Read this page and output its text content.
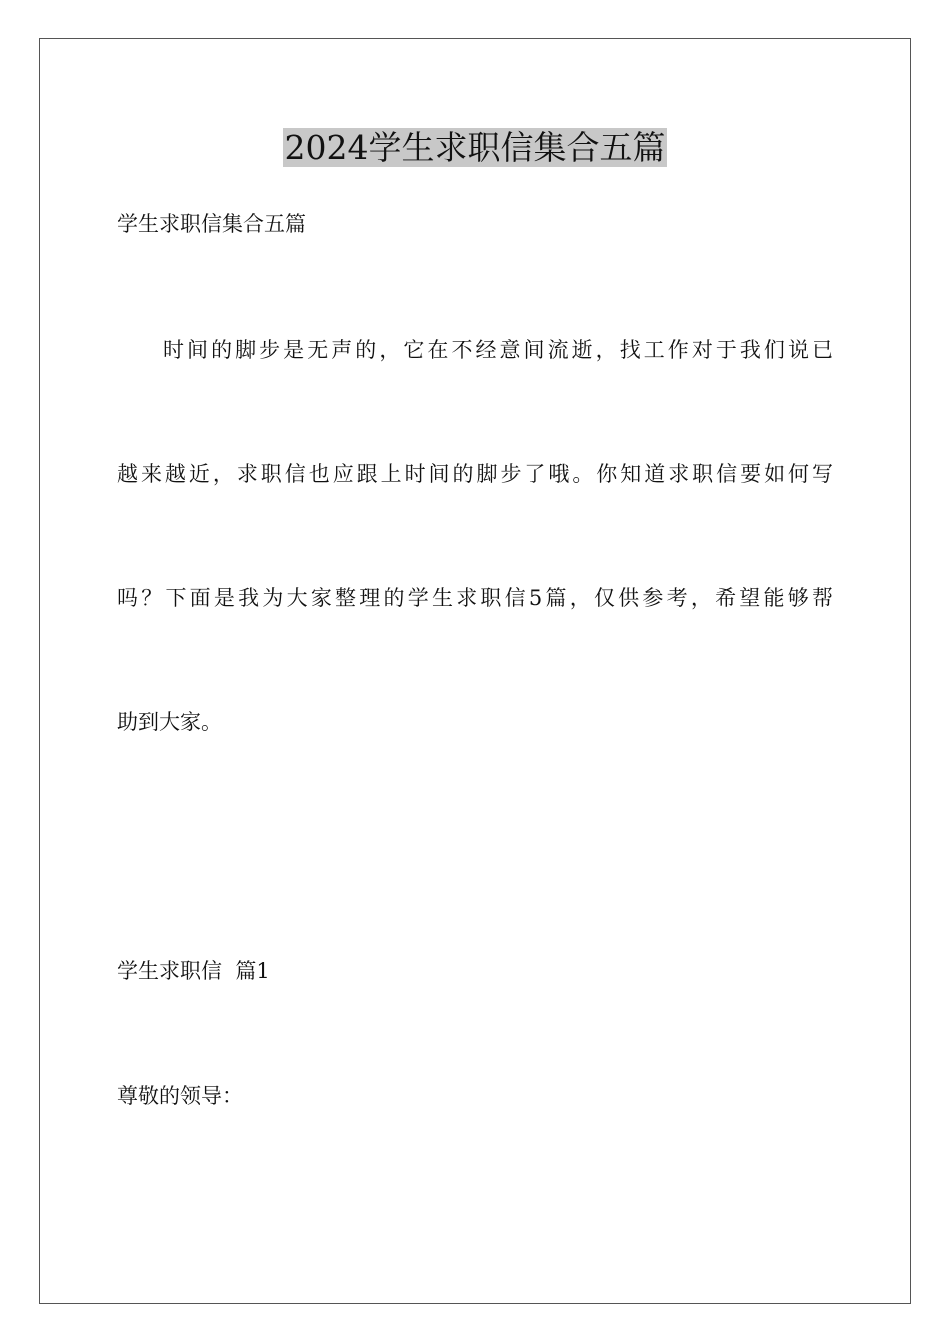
2024学生求职信集合五篇

学生求职信集合五篇

时间的脚步是无声的，它在不经意间流逝，找工作对于我们说已

越来越近，求职信也应跟上时间的脚步了哦。你知道求职信要如何写

吗？下面是我为大家整理的学生求职信5篇，仅供参考，希望能够帮

助到大家。

学生求职信  篇1

尊敬的领导：
